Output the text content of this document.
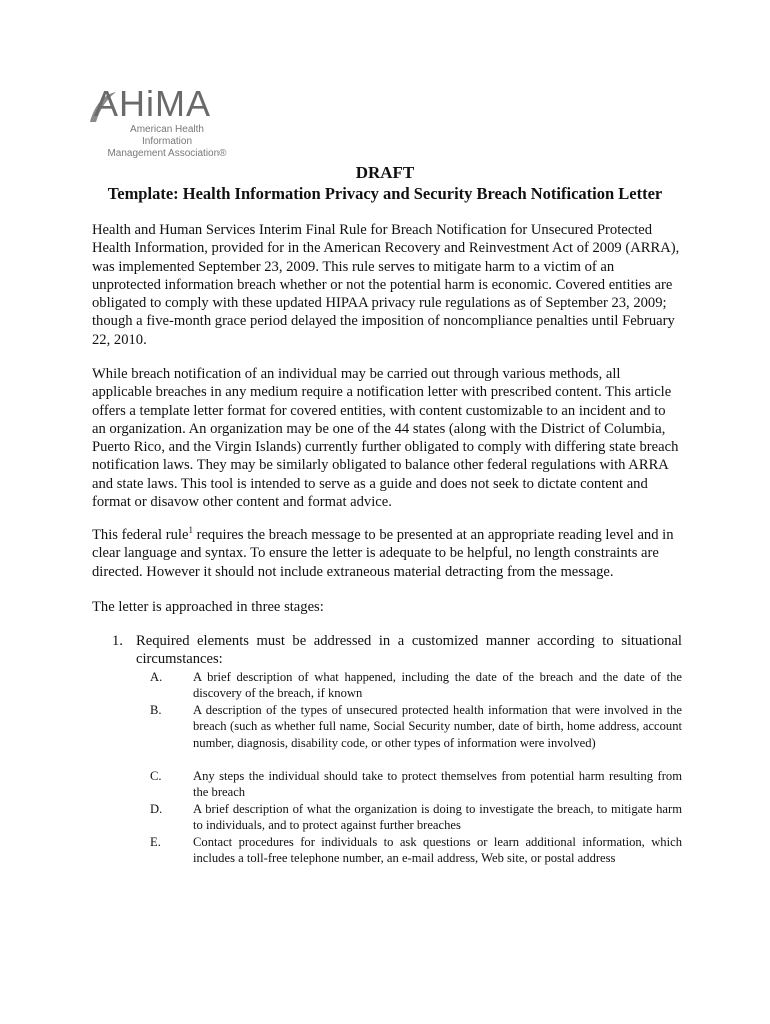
AHiMA
American Health Information
Management Association®
DRAFT
Template: Health Information Privacy and Security Breach Notification Letter

Health and Human Services Interim Final Rule for Breach Notification for Unsecured Protected Health Information, provided for in the American Recovery and Reinvestment Act of 2009 (ARRA), was implemented September 23, 2009. This rule serves to mitigate harm to a victim of an unprotected information breach whether or not the potential harm is economic. Covered entities are obligated to comply with these updated HIPAA privacy rule regulations as of September 23, 2009; though a five-month grace period delayed the imposition of noncompliance penalties until February 22, 2010.

While breach notification of an individual may be carried out through various methods, all applicable breaches in any medium require a notification letter with prescribed content. This article offers a template letter format for covered entities, with content customizable to an incident and to an organization. An organization may be one of the 44 states (along with the District of Columbia, Puerto Rico, and the Virgin Islands) currently further obligated to comply with differing state breach notification laws. They may be similarly obligated to balance other federal regulations with ARRA and state laws. This tool is intended to serve as a guide and does not seek to dictate content and format or disavow other content and format advice.

This federal rule$^1$ requires the breach message to be presented at an appropriate reading level and in clear language and syntax. To ensure the letter is adequate to be helpful, no length constraints are directed. However it should not include extraneous material detracting from the message.

The letter is approached in three stages:

1. Required elements must be addressed in a customized manner according to situational circumstances:
A.	A brief description of what happened, including the date of the breach and the date of the discovery of the breach, if known
B.	A description of the types of unsecured protected health information that were involved in the breach (such as whether full name, Social Security number, date of birth, home address, account number, diagnosis, disability code, or other types of information were involved)
C.	Any steps the individual should take to protect themselves from potential harm resulting from the breach
D.	A brief description of what the organization is doing to investigate the breach, to mitigate harm to individuals, and to protect against further breaches
E.	Contact procedures for individuals to ask questions or learn additional information, which includes a toll-free telephone number, an e-mail address, Web site, or postal address
